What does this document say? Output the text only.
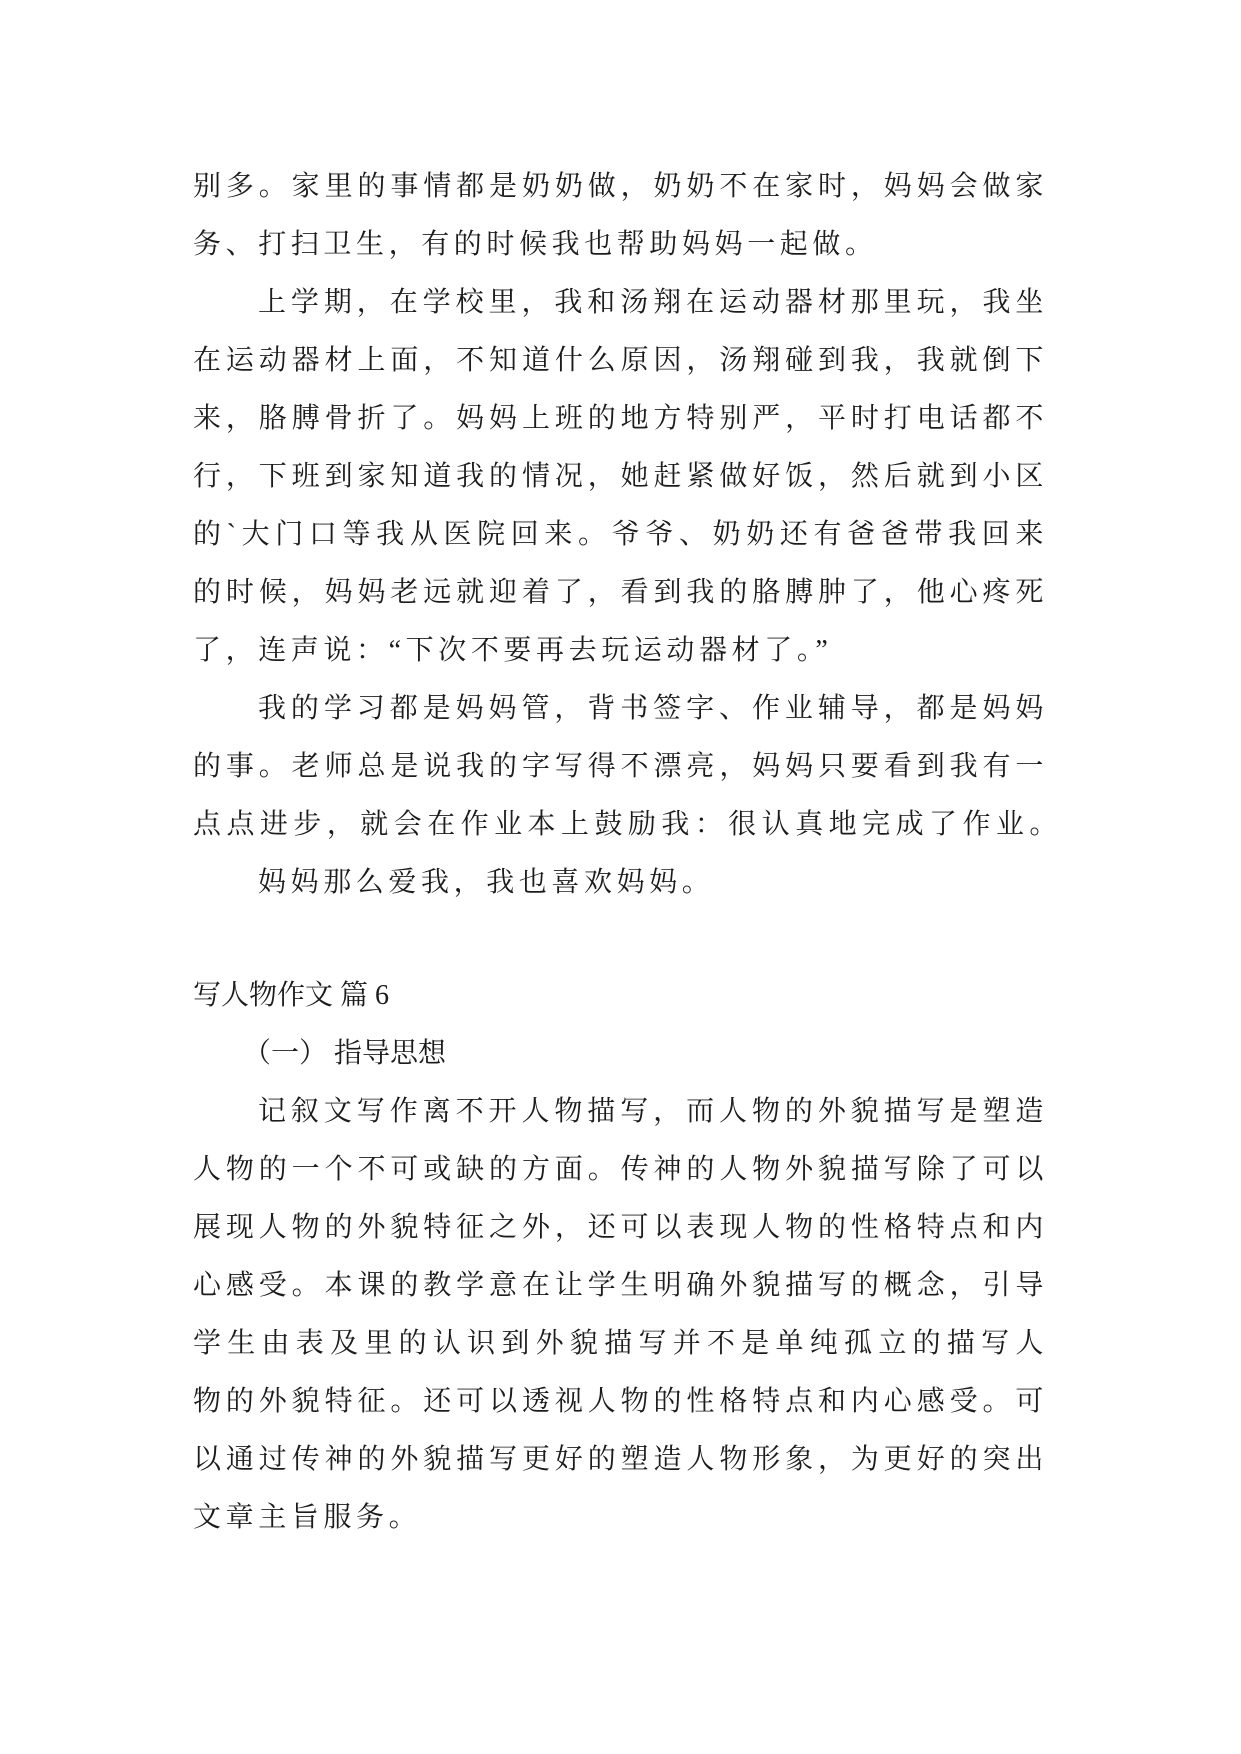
别多。家里的事情都是奶奶做，奶奶不在家时，妈妈会做家
务、打扫卫生，有的时候我也帮助妈妈一起做。
上学期，在学校里，我和汤翔在运动器材那里玩，我坐
在运动器材上面，不知道什么原因，汤翔碰到我，我就倒下
来，胳膊骨折了。妈妈上班的地方特别严，平时打电话都不
行，下班到家知道我的情况，她赶紧做好饭，然后就到小区
的`大门口等我从医院回来。爷爷、奶奶还有爸爸带我回来
的时候，妈妈老远就迎着了，看到我的胳膊肿了，他心疼死
了，连声说：“下次不要再去玩运动器材了。”
我的学习都是妈妈管，背书签字、作业辅导，都是妈妈
的事。老师总是说我的字写得不漂亮，妈妈只要看到我有一
点点进步，就会在作业本上鼓励我：很认真地完成了作业。
妈妈那么爱我，我也喜欢妈妈。
写人物作文 篇 6
（一） 指导思想
记叙文写作离不开人物描写，而人物的外貌描写是塑造
人物的一个不可或缺的方面。传神的人物外貌描写除了可以
展现人物的外貌特征之外，还可以表现人物的性格特点和内
心感受。本课的教学意在让学生明确外貌描写的概念，引导
学生由表及里的认识到外貌描写并不是单纯孤立的描写人
物的外貌特征。还可以透视人物的性格特点和内心感受。可
以通过传神的外貌描写更好的塑造人物形象，为更好的突出
文章主旨服务。
